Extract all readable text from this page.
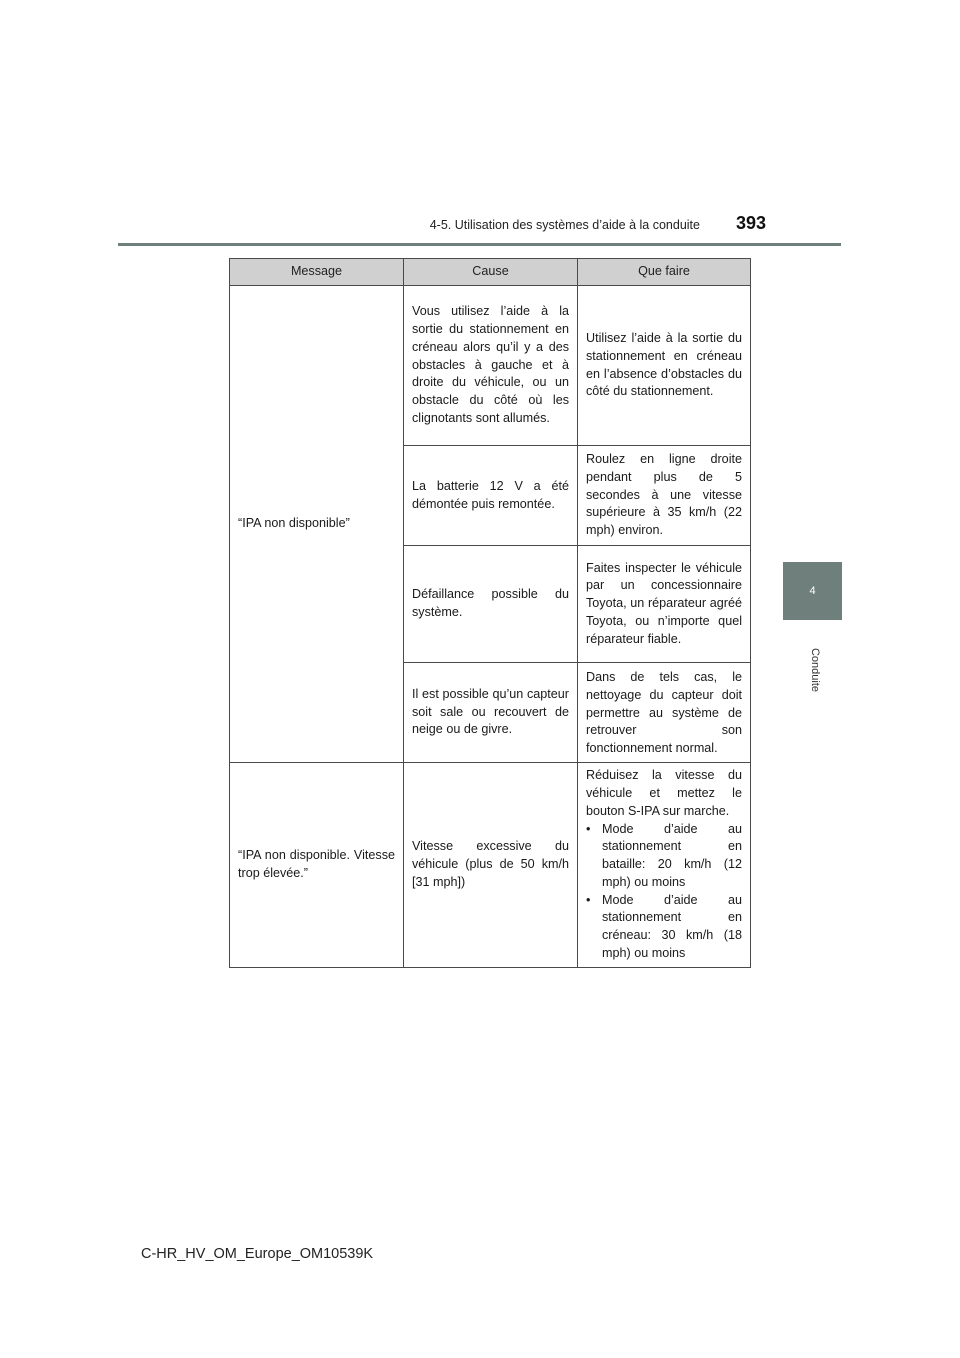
4-5. Utilisation des systèmes d’aide à la conduite 393
4
Conduite
Message	Cause	Que faire
“IPA non disponible”	Vous utilisez l’aide à la sortie du stationnement en créneau alors qu’il y a des obstacles à gauche et à droite du véhicule, ou un obstacle du côté où les clignotants sont allumés.	Utilisez l’aide à la sortie du stationnement en créneau en l’absence d’obstacles du côté du stationnement.
	La batterie 12 V a été démontée puis remontée.	Roulez en ligne droite pendant plus de 5 secondes à une vitesse supérieure à 35 km/h (22 mph) environ.
	Défaillance possible du système.	Faites inspecter le véhicule par un concessionnaire Toyota, un réparateur agréé Toyota, ou n’importe quel réparateur fiable.
	Il est possible qu’un capteur soit sale ou recouvert de neige ou de givre.	Dans de tels cas, le nettoyage du capteur doit permettre au système de retrouver son fonctionnement normal.
“IPA non disponible. Vitesse trop élevée.”	Vitesse excessive du véhicule (plus de 50 km/h [31 mph])	Réduisez la vitesse du véhicule et mettez le bouton S-IPA sur marche.
• Mode d’aide au stationnement en bataille: 20 km/h (12 mph) ou moins
• Mode d’aide au stationnement en créneau: 30 km/h (18 mph) ou moins
C-HR_HV_OM_Europe_OM10539K
